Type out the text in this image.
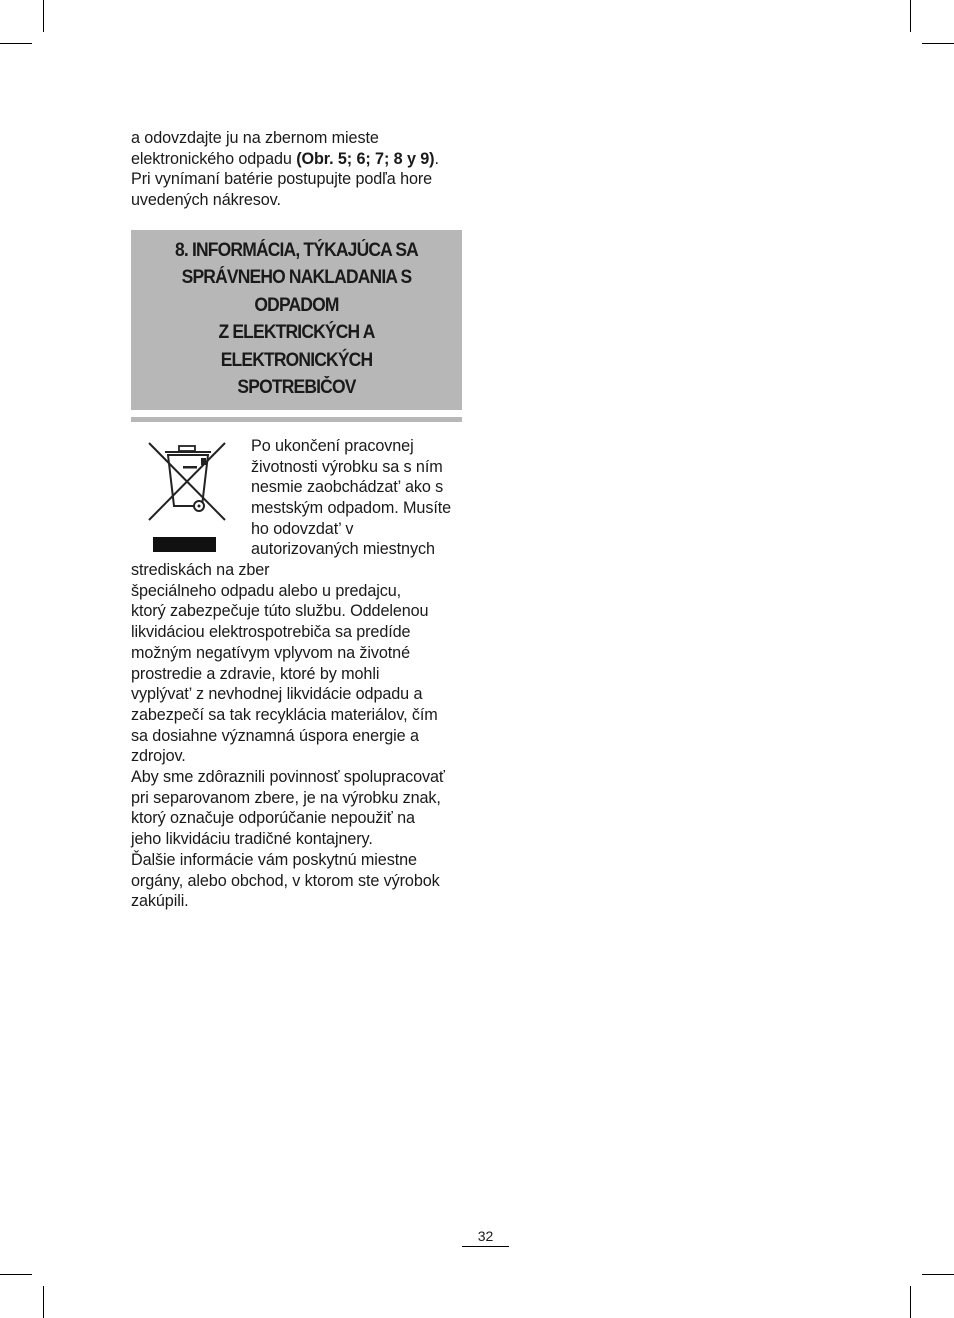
a odovzdajte ju na zbernom mieste
elektronického odpadu (Obr. 5; 6; 7; 8 y 9).
Pri vynímaní batérie postupujte podľa hore
uvedených nákresov.

8. INFORMÁCIA, TÝKAJÚCA SA
SPRÁVNEHO NAKLADANIA S ODPADOM
Z ELEKTRICKÝCH A ELEKTRONICKÝCH
SPOTREBIČOV
Po ukončení pracovnej
životnosti výrobku sa s ním
nesmie zaobchádzat’ ako s
mestským odpadom. Musíte
ho odovzdat’ v
autorizovaných miestnych
strediskách na zber
špeciálneho odpadu alebo u predajcu,
ktorý zabezpečuje túto službu. Oddelenou
likvidáciou elektrospotrebiča sa predíde
možným negatívym vplyvom na životné
prostredie a zdravie, ktoré by mohli
vyplývat’ z nevhodnej likvidácie odpadu a
zabezpečí sa tak recyklácia materiálov, čím
sa dosiahne významná úspora energie a
zdrojov.
Aby sme zdôraznili povinnosť spolupracovať
pri separovanom zbere, je na výrobku znak,
ktorý označuje odporúčanie nepoužiť na
jeho likvidáciu tradičné kontajnery.
Ďalšie informácie vám poskytnú miestne
orgány, alebo obchod, v ktorom ste výrobok
zakúpili.
32
